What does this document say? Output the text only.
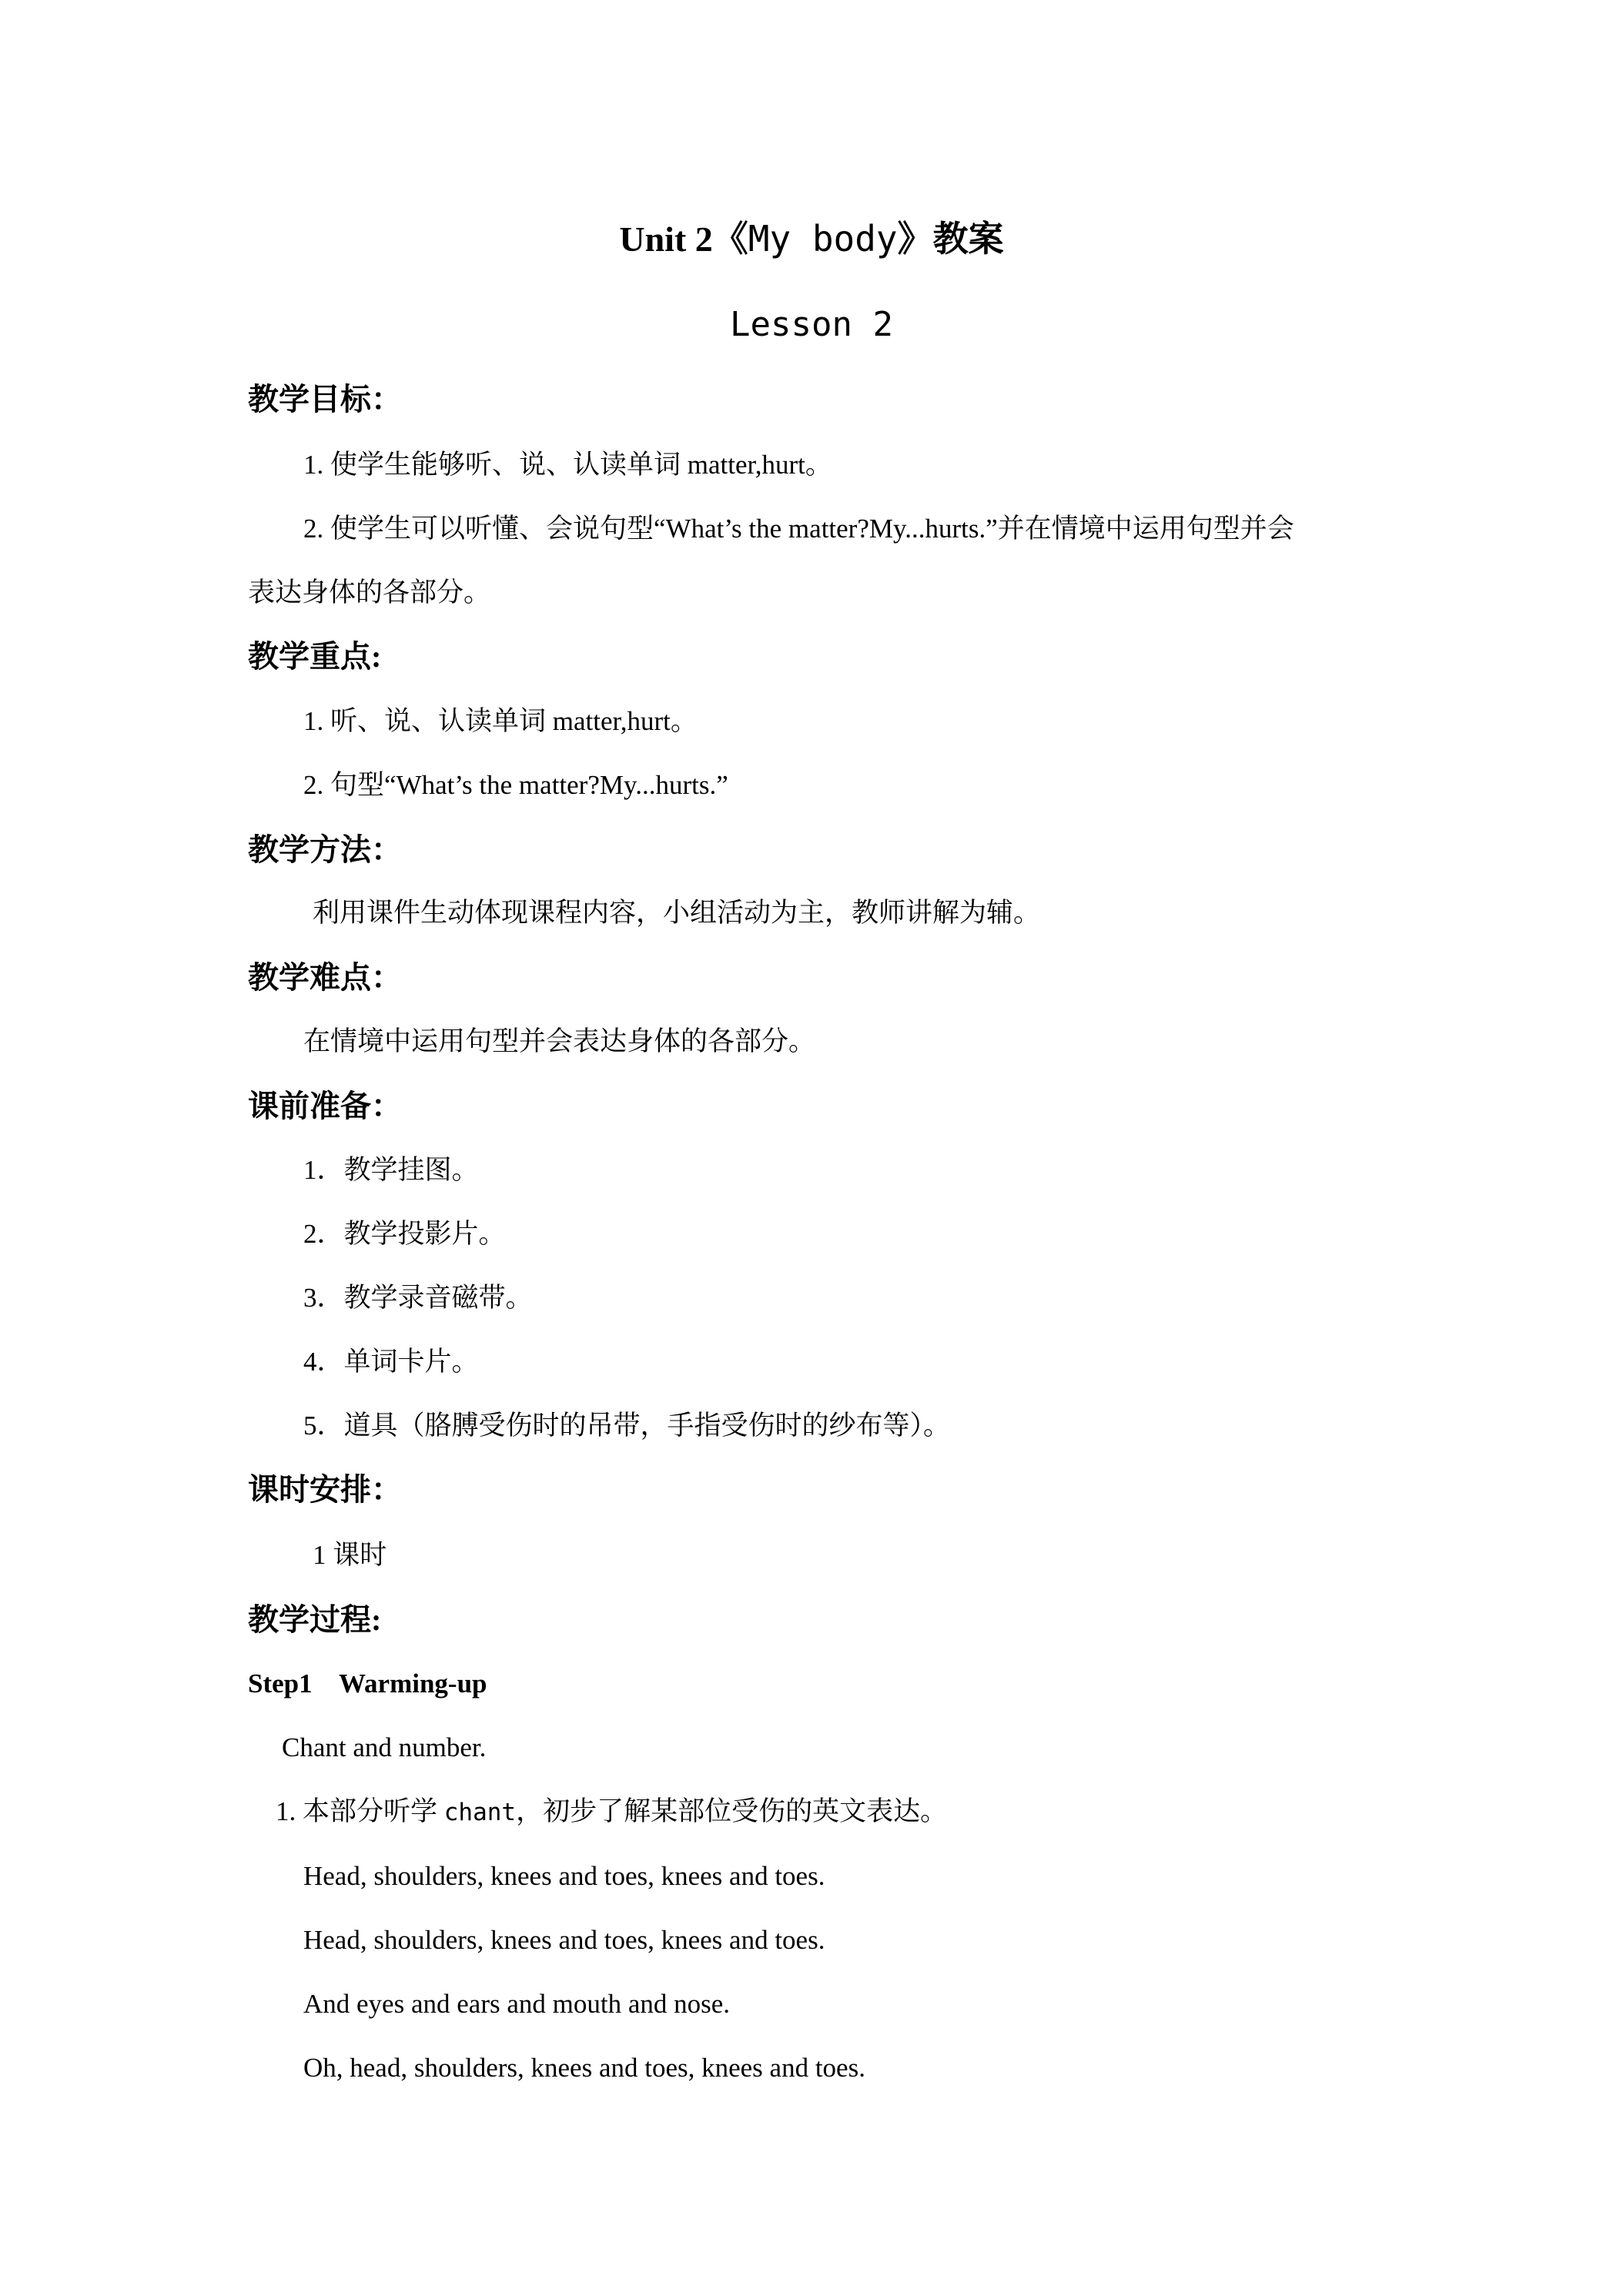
Unit 2《My body》教案
Lesson 2
教学目标：
1. 使学生能够听、说、认读单词 matter,hurt。
2. 使学生可以听懂、会说句型“What’s the matter?My...hurts.”并在情境中运用句型并会
表达身体的各部分。
教学重点:
1. 听、说、认读单词 matter,hurt。
2. 句型“What’s the matter?My...hurts.”
教学方法：
利用课件生动体现课程内容，小组活动为主，教师讲解为辅。
教学难点：
在情境中运用句型并会表达身体的各部分。
课前准备：
1．教学挂图。
2．教学投影片。
3．教学录音磁带。
4．单词卡片。
5．道具（胳膊受伤时的吊带，手指受伤时的纱布等）。
课时安排：
1 课时
教学过程:
Step1    Warming-up
Chant and number.
1. 本部分听学 chant，初步了解某部位受伤的英文表达。
Head, shoulders, knees and toes, knees and toes.
Head, shoulders, knees and toes, knees and toes.
And eyes and ears and mouth and nose.
Oh, head, shoulders, knees and toes, knees and toes.
